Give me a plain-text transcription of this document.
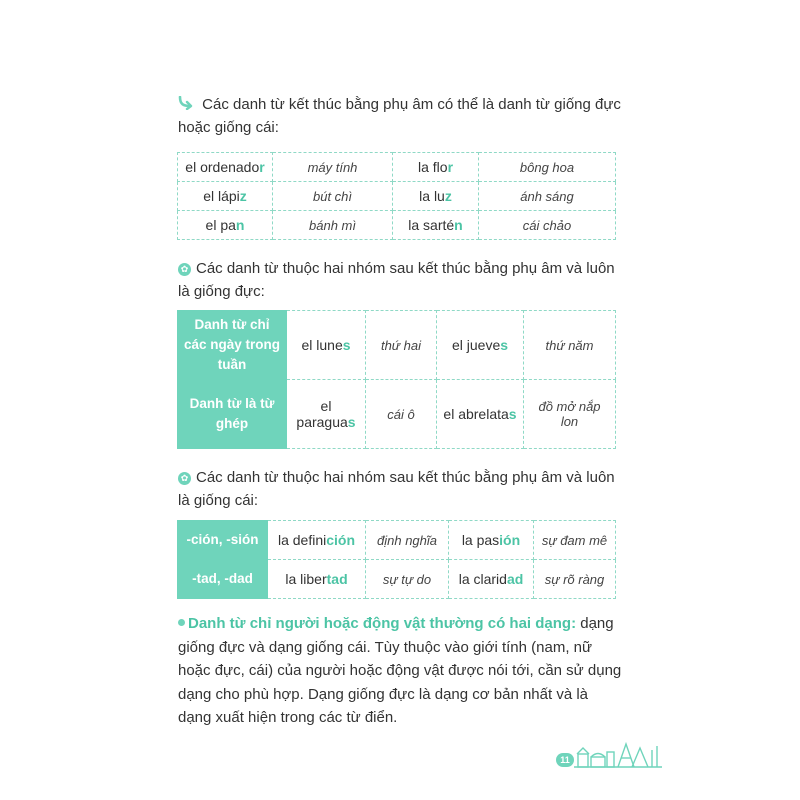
Các danh từ kết thúc bằng phụ âm có thể là danh từ giống đực hoặc giống cái:
el ordenador	máy tính	la flor	bông hoa
el lápiz	bút chì	la luz	ánh sáng
el pan	bánh mì	la sartén	cái chảo
✿ Các danh từ thuộc hai nhóm sau kết thúc bằng phụ âm và luôn là giống đực:
Danh từ chỉ các ngày trong tuần	el lunes	thứ hai	el jueves	thứ năm
Danh từ là từ ghép	el paraguas	cái ô	el abrelatas	đồ mở nắp lon
✿ Các danh từ thuộc hai nhóm sau kết thúc bằng phụ âm và luôn là giống cái:
-ción, -sión	la definición	định nghĩa	la pasión	sự đam mê
-tad, -dad	la libertad	sự tự do	la claridad	sự rõ ràng
Danh từ chỉ người hoặc động vật thường có hai dạng: dạng giống đực và dạng giống cái. Tùy thuộc vào giới tính (nam, nữ hoặc đực, cái) của người hoặc động vật được nói tới, cần sử dụng dạng cho phù hợp. Dạng giống đực là dạng cơ bản nhất và là dạng xuất hiện trong các từ điển.
11
